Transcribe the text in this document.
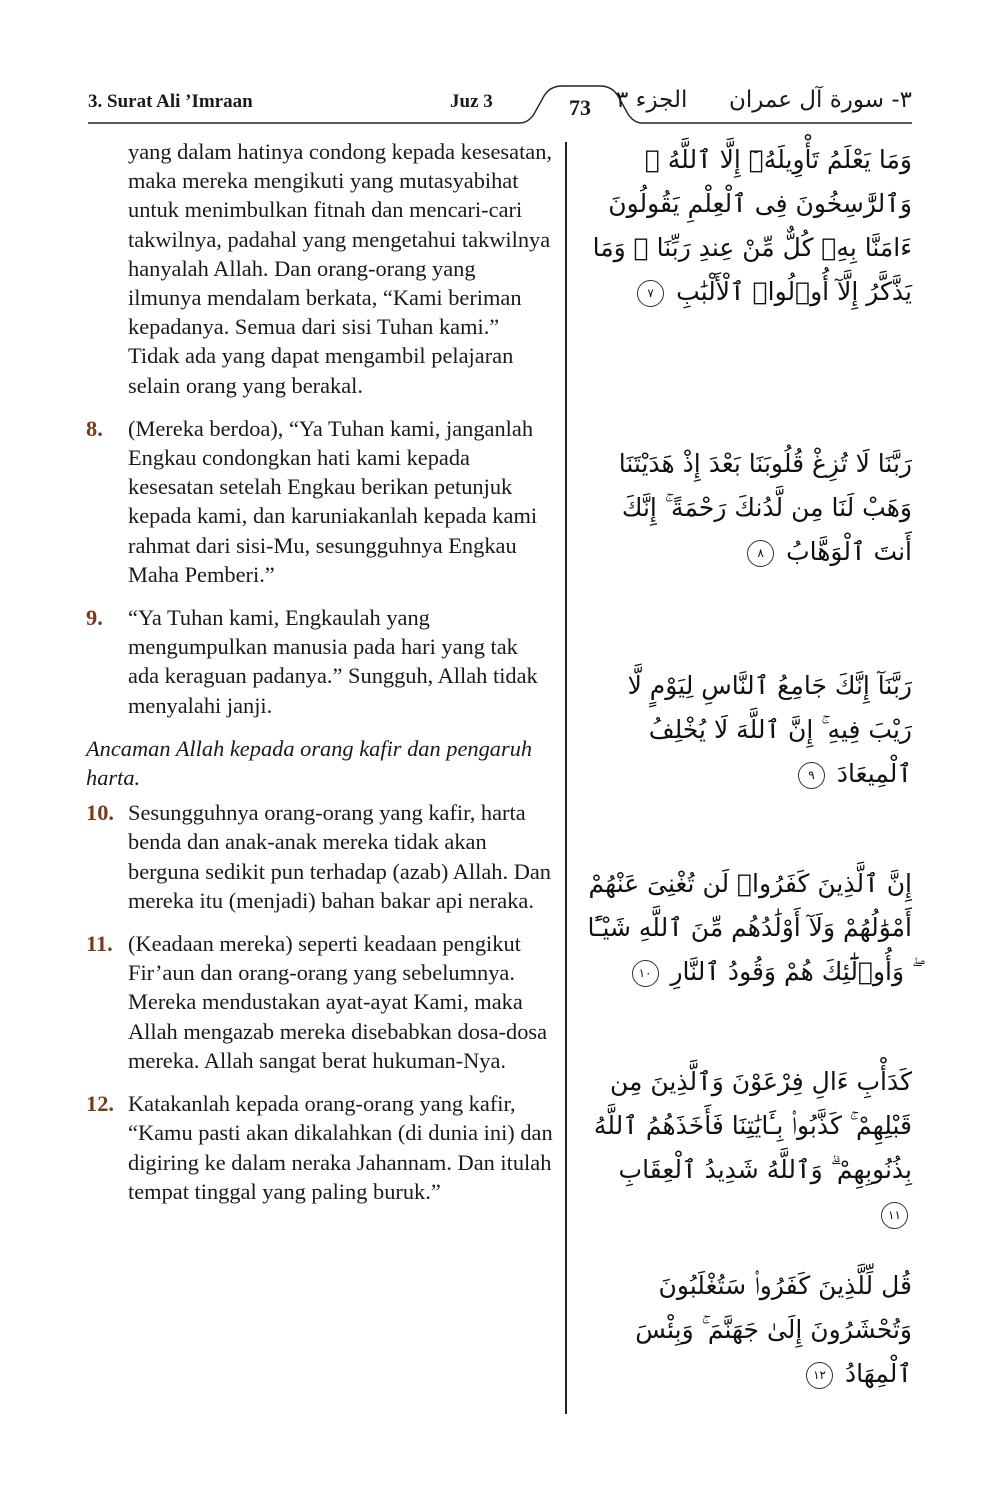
3. Surat Ali ’Imraan	Juz 3	73	الجزء ٣ ٣- سورة آل عمران
yang dalam hatinya condong kepada kesesatan, maka mereka mengikuti yang mutasyabihat untuk menimbulkan fitnah dan mencari-cari takwilnya, padahal yang mengetahui takwilnya hanyalah Allah. Dan orang-orang yang ilmunya mendalam berkata, “Kami beriman kepadanya. Semua dari sisi Tuhan kami.” Tidak ada yang dapat mengambil pelajaran selain orang yang berakal.
8. (Mereka berdoa), “Ya Tuhan kami, janganlah Engkau condongkan hati kami kepada kesesatan setelah Engkau berikan petunjuk kepada kami, dan karuniakanlah kepada kami rahmat dari sisi-Mu, sesungguhnya Engkau Maha Pemberi.”
9. “Ya Tuhan kami, Engkaulah yang mengumpulkan manusia pada hari yang tak ada keraguan padanya.” Sungguh, Allah tidak menyalahi janji.
Ancaman Allah kepada orang kafir dan pengaruh harta.
10. Sesungguhnya orang-orang yang kafir, harta benda dan anak-anak mereka tidak akan berguna sedikit pun terhadap (azab) Allah. Dan mereka itu (menjadi) bahan bakar api neraka.
11. (Keadaan mereka) seperti keadaan pengikut Fir’aun dan orang-orang yang sebelumnya. Mereka mendustakan ayat-ayat Kami, maka Allah mengazab mereka disebabkan dosa-dosa mereka. Allah sangat berat hukuman-Nya.
12. Katakanlah kepada orang-orang yang kafir, “Kamu pasti akan dikalahkan (di dunia ini) dan digiring ke dalam neraka Jahannam. Dan itulah tempat tinggal yang paling buruk.”
وَمَا يَعْلَمُ تَأْوِيلَهُۥٓ إِلَّا ٱللَّهُ ۗ وَٱلرَّٰسِخُونَ فِى ٱلْعِلْمِ يَقُولُونَ ءَامَنَّا بِهِۦ كُلٌّ مِّنْ عِندِ رَبِّنَا ۗ وَمَا يَذَّكَّرُ إِلَّآ أُو۟لُوا۟ ٱلْأَلْبَٰبِ ٧
رَبَّنَا لَا تُزِغْ قُلُوبَنَا بَعْدَ إِذْ هَدَيْتَنَا وَهَبْ لَنَا مِن لَّدُنكَ رَحْمَةً ۚ إِنَّكَ أَنتَ ٱلْوَهَّابُ ٨
رَبَّنَآ إِنَّكَ جَامِعُ ٱلنَّاسِ لِيَوْمٍ لَّا رَيْبَ فِيهِ ۚ إِنَّ ٱللَّهَ لَا يُخْلِفُ ٱلْمِيعَادَ ٩
إِنَّ ٱلَّذِينَ كَفَرُوا۟ لَن تُغْنِىَ عَنْهُمْ أَمْوَٰلُهُمْ وَلَآ أَوْلَٰدُهُم مِّنَ ٱللَّهِ شَيْـًٔا ۖ وَأُو۟لَٰٓئِكَ هُمْ وَقُودُ ٱلنَّارِ ١٠
كَدَأْبِ ءَالِ فِرْعَوْنَ وَٱلَّذِينَ مِن قَبْلِهِمْ ۚ كَذَّبُوا۟ بِـَٔايَٰتِنَا فَأَخَذَهُمُ ٱللَّهُ بِذُنُوبِهِمْ ۗ وَٱللَّهُ شَدِيدُ ٱلْعِقَابِ ١١
قُل لِّلَّذِينَ كَفَرُوا۟ سَتُغْلَبُونَ وَتُحْشَرُونَ إِلَىٰ جَهَنَّمَ ۚ وَبِئْسَ ٱلْمِهَادُ ١٢
